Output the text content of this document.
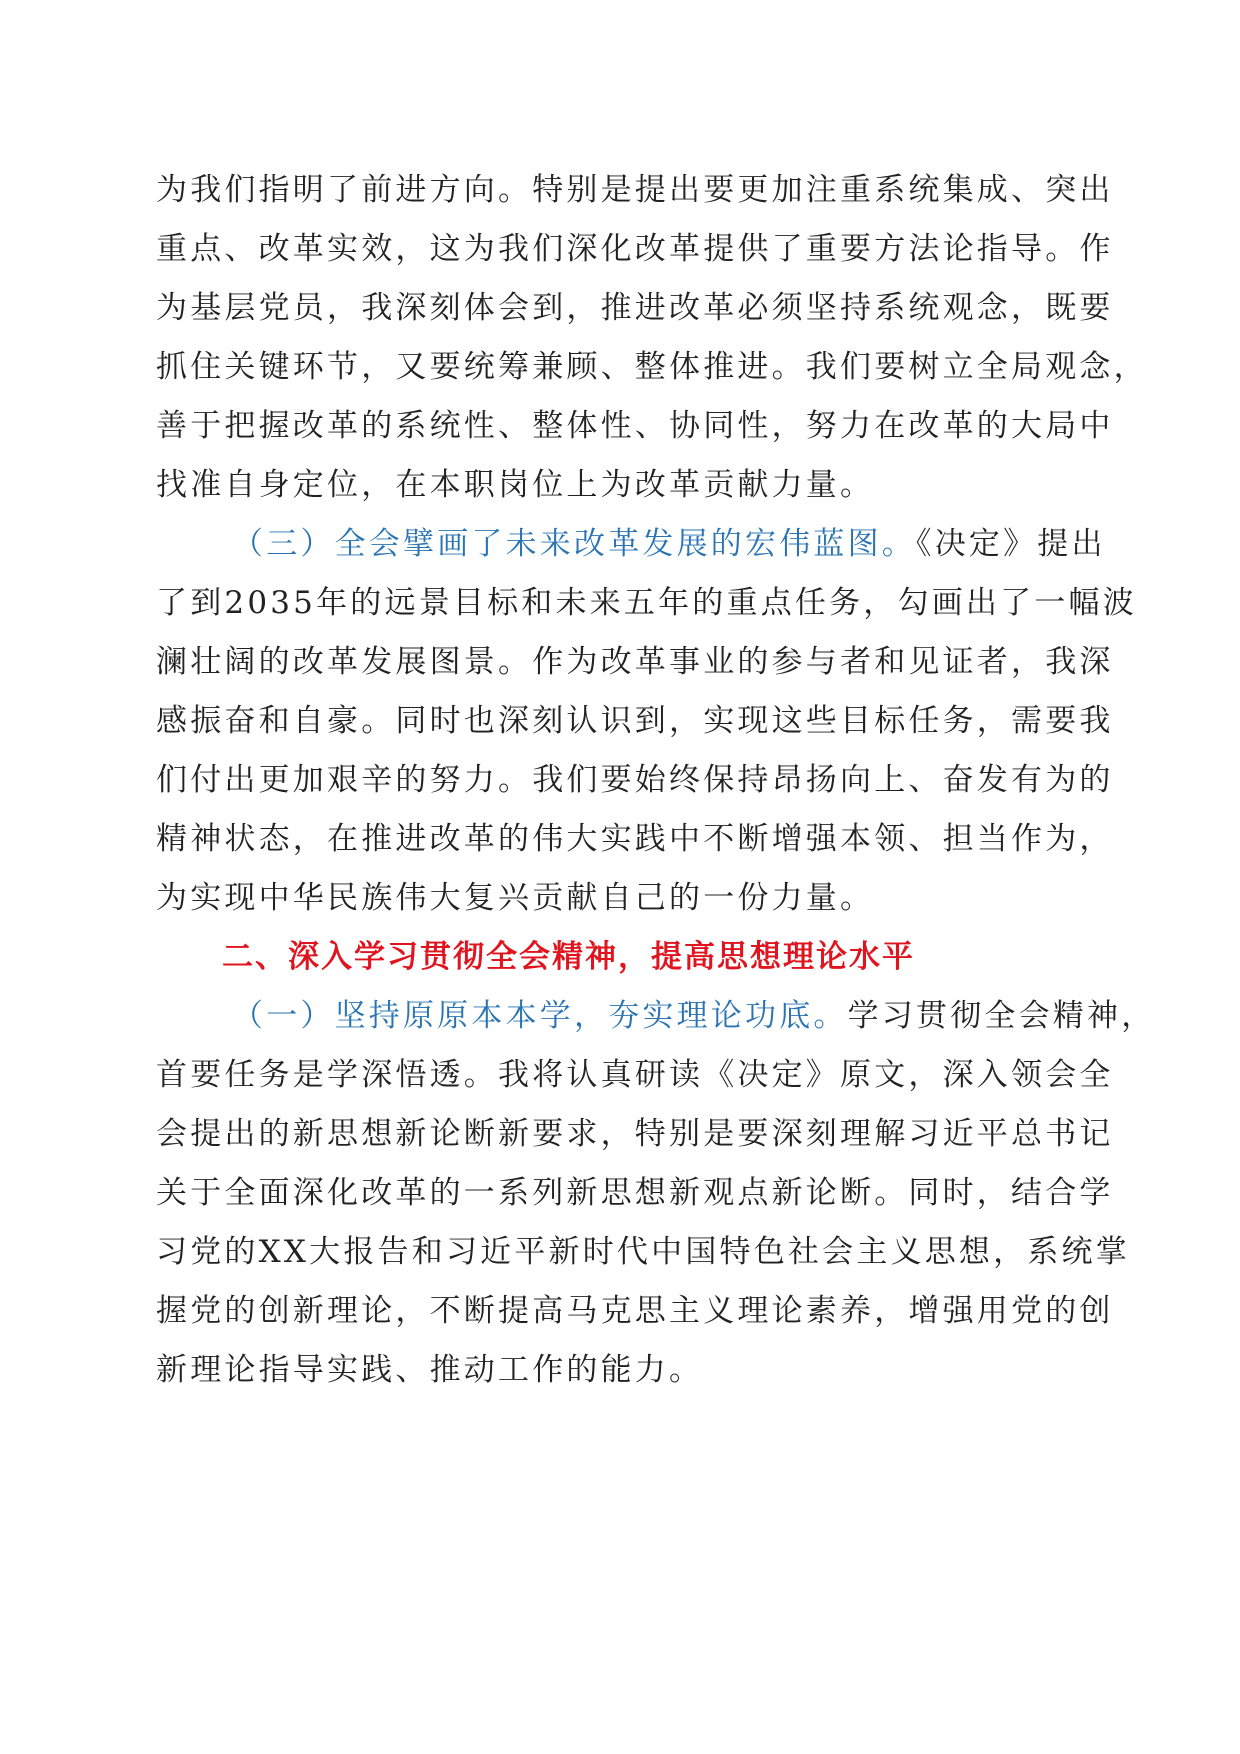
为我们指明了前进方向。特别是提出要更加注重系统集成、突出
重点、改革实效，这为我们深化改革提供了重要方法论指导。作
为基层党员，我深刻体会到，推进改革必须坚持系统观念，既要
抓住关键环节，又要统筹兼顾、整体推进。我们要树立全局观念，
善于把握改革的系统性、整体性、协同性，努力在改革的大局中
找准自身定位，在本职岗位上为改革贡献力量。
（三）全会擘画了未来改革发展的宏伟蓝图。《决定》提出
了到2035年的远景目标和未来五年的重点任务，勾画出了一幅波
澜壮阔的改革发展图景。作为改革事业的参与者和见证者，我深
感振奋和自豪。同时也深刻认识到，实现这些目标任务，需要我
们付出更加艰辛的努力。我们要始终保持昂扬向上、奋发有为的
精神状态，在推进改革的伟大实践中不断增强本领、担当作为，
为实现中华民族伟大复兴贡献自己的一份力量。
二、深入学习贯彻全会精神，提高思想理论水平
（一）坚持原原本本学，夯实理论功底。学习贯彻全会精神，
首要任务是学深悟透。我将认真研读《决定》原文，深入领会全
会提出的新思想新论断新要求，特别是要深刻理解习近平总书记
关于全面深化改革的一系列新思想新观点新论断。同时，结合学
习党的XX大报告和习近平新时代中国特色社会主义思想，系统掌
握党的创新理论，不断提高马克思主义理论素养，增强用党的创
新理论指导实践、推动工作的能力。
